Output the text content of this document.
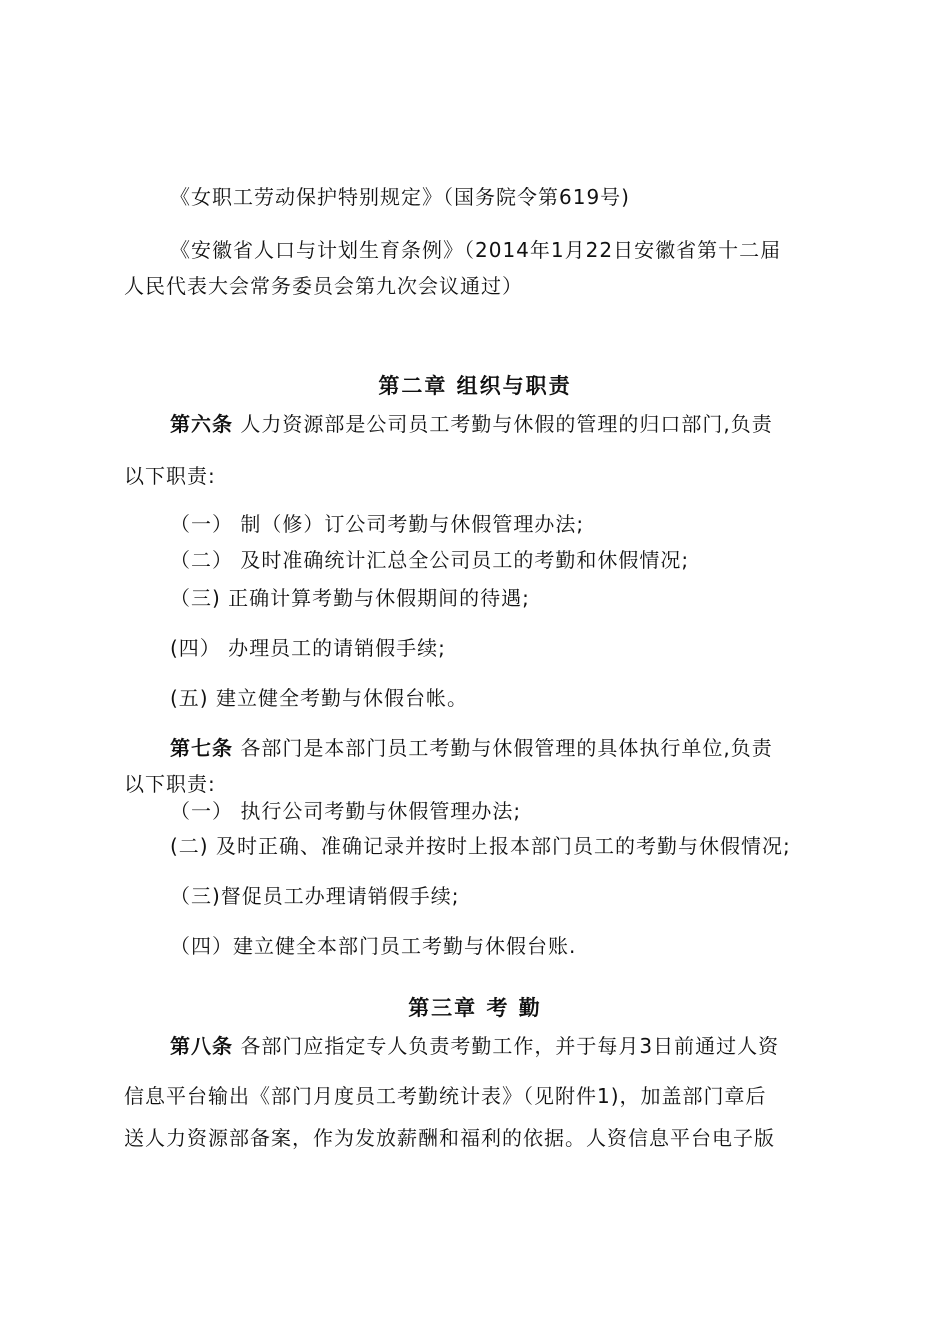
《女职工劳动保护特别规定》（国务院令第619号)
《安徽省人口与计划生育条例》（2014年1月22日安徽省第十二届
人民代表大会常务委员会第九次会议通过）
第二章 组织与职责
第六条 人力资源部是公司员工考勤与休假的管理的归口部门,负责
以下职责:
（一） 制（修）订公司考勤与休假管理办法;
（二） 及时准确统计汇总全公司员工的考勤和休假情况;
（三) 正确计算考勤与休假期间的待遇;
(四） 办理员工的请销假手续;
(五) 建立健全考勤与休假台帐。
第七条 各部门是本部门员工考勤与休假管理的具体执行单位,负责
以下职责:
（一） 执行公司考勤与休假管理办法;
(二) 及时正确、准确记录并按时上报本部门员工的考勤与休假情况;
（三)督促员工办理请销假手续;
（四）建立健全本部门员工考勤与休假台账.
第三章 考 勤
第八条 各部门应指定专人负责考勤工作，并于每月3日前通过人资
信息平台输出《部门月度员工考勤统计表》（见附件1)，加盖部门章后
送人力资源部备案，作为发放薪酬和福利的依据。人资信息平台电子版
